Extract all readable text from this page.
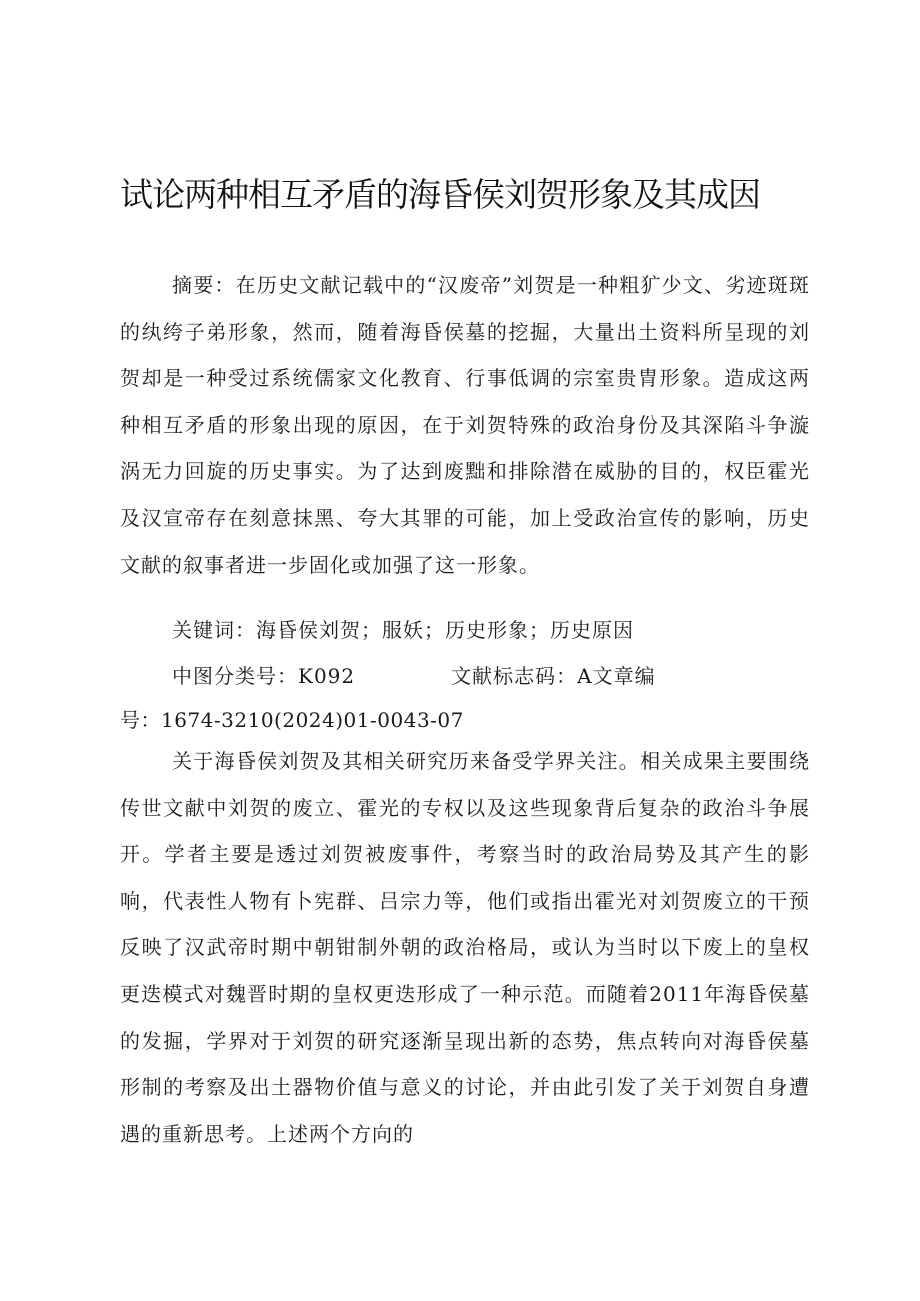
试论两种相互矛盾的海昏侯刘贺形象及其成因
摘要：在历史文献记载中的“汉废帝”刘贺是一种粗犷少文、劣迹斑斑的纨绔子弟形象，然而，随着海昏侯墓的挖掘，大量出土资料所呈现的刘贺却是一种受过系统儒家文化教育、行事低调的宗室贵胄形象。造成这两种相互矛盾的形象出现的原因，在于刘贺特殊的政治身份及其深陷斗争漩涡无力回旋的历史事实。为了达到废黜和排除潜在威胁的目的，权臣霍光及汉宣帝存在刻意抹黑、夸大其罪的可能，加上受政治宣传的影响，历史文献的叙事者进一步固化或加强了这一形象。
关键词：海昏侯刘贺；服妖；历史形象；历史原因
中图分类号：K092	文献标志码：A文章编
号：1674-3210(2024)01-0043-07
关于海昏侯刘贺及其相关研究历来备受学界关注。相关成果主要围绕传世文献中刘贺的废立、霍光的专权以及这些现象背后复杂的政治斗争展开。学者主要是透过刘贺被废事件，考察当时的政治局势及其产生的影响，代表性人物有卜宪群、吕宗力等，他们或指出霍光对刘贺废立的干预反映了汉武帝时期中朝钳制外朝的政治格局，或认为当时以下废上的皇权更迭模式对魏晋时期的皇权更迭形成了一种示范。而随着2011年海昏侯墓的发掘，学界对于刘贺的研究逐渐呈现出新的态势，焦点转向对海昏侯墓形制的考察及出土器物价值与意义的讨论，并由此引发了关于刘贺自身遭遇的重新思考。上述两个方向的
